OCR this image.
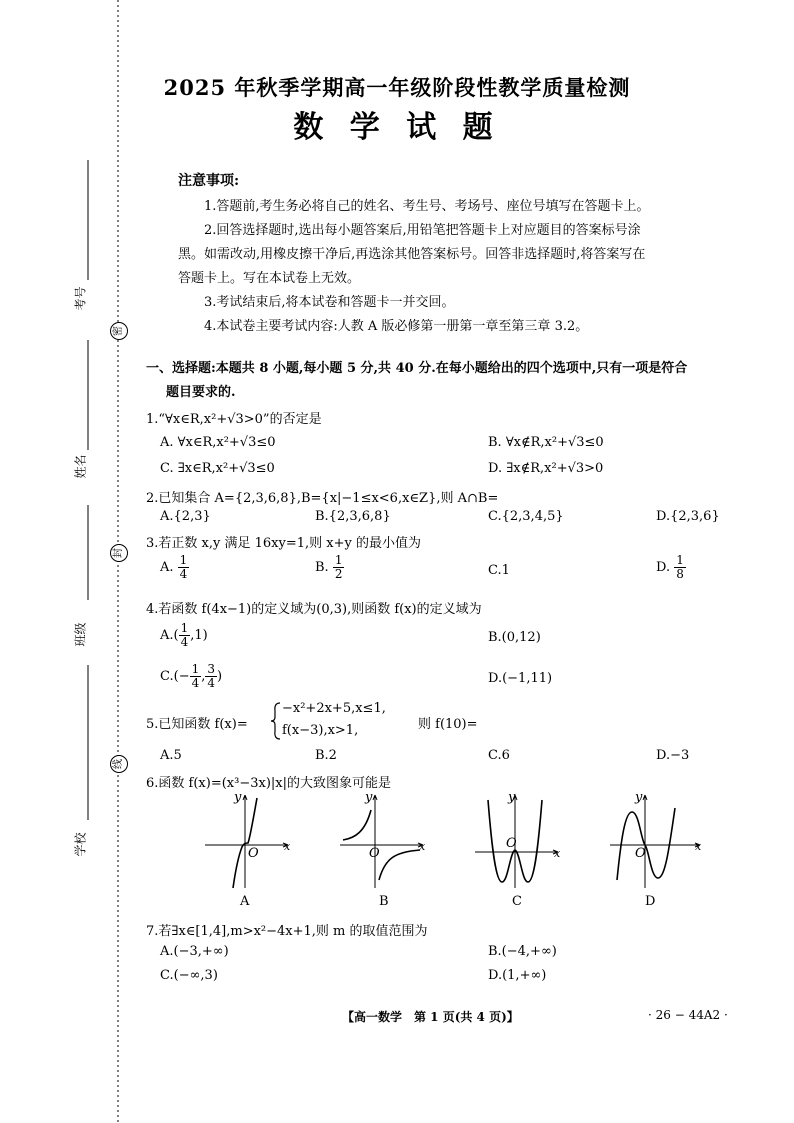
考号
姓名
班级
学校
密
封
线
2025 年秋季学期高一年级阶段性教学质量检测
数 学 试 题
注意事项:
1.答题前,考生务必将自己的姓名、考生号、考场号、座位号填写在答题卡上。
2.回答选择题时,选出每小题答案后,用铅笔把答题卡上对应题目的答案标号涂
黑。如需改动,用橡皮擦干净后,再选涂其他答案标号。回答非选择题时,将答案写在
答题卡上。写在本试卷上无效。
3.考试结束后,将本试卷和答题卡一并交回。
4.本试卷主要考试内容:人教 A 版必修第一册第一章至第三章 3.2。
一、选择题:本题共 8 小题,每小题 5 分,共 40 分.在每小题给出的四个选项中,只有一项是符合
题目要求的.
1.“∀x∈R,x²+√3>0”的否定是
A. ∀x∈R,x²+√3≤0	B. ∀x∉R,x²+√3≤0
C. ∃x∈R,x²+√3≤0	D. ∃x∉R,x²+√3>0
2.已知集合 A={2,3,6,8},B={x|−1≤x<6,x∈Z},则 A∩B=
A.{2,3}	B.{2,3,6,8}	C.{2,3,4,5}	D.{2,3,6}
3.若正数 x,y 满足 16xy=1,则 x+y 的最小值为
A. $\frac{1}{4}$	B. $\frac{1}{2}$	C.1	D. $\frac{1}{8}$
4.若函数 f(4x−1)的定义域为(0,3),则函数 f(x)的定义域为
$A.( \frac{1}{4} ,1)$	B.(0,12)
$C.(- \frac{1}{4}$ , $\frac{3}{4}$ )	D.(−1,11)
5.已知函数 f(x)=
−x²+2x+5,x≤1,
f(x−3),x>1,	则 f(10)=
A.5	B.2	C.6	D.−3
6.函数 f(x)=(x³−3x)|x|的大致图象可能是
y
x
O
A
y
x
O
B
y
x
O
C
y
x
O
D
7.若∃x∈[1,4],m>x²−4x+1,则 m 的取值范围为
A.(−3,+∞)	B.(−4,+∞)
C.(−∞,3)	D.(1,+∞)
【高一数学　第 1 页(共 4 页)】	· 26 − 44A2 ·
